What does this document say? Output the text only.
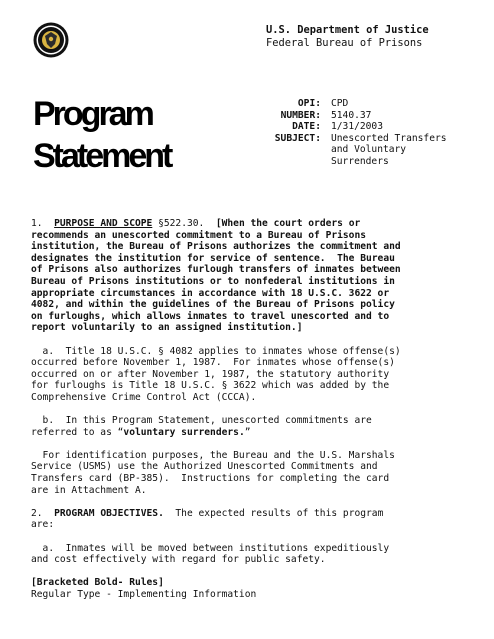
U.S. Department of Justice
Federal Bureau of Prisons
Program
Statement
OPI:
NUMBER:
DATE:
SUBJECT:
CPD
5140.37
1/31/2003
Unescorted Transfers
and Voluntary
Surrenders

1.  PURPOSE AND SCOPE §522.30.  [When the court orders or

recommends an unescorted commitment to a Bureau of Prisons

institution, the Bureau of Prisons authorizes the commitment and

designates the institution for service of sentence.  The Bureau

of Prisons also authorizes furlough transfers of inmates between

Bureau of Prisons institutions or to nonfederal institutions in

appropriate circumstances in accordance with 18 U.S.C. 3622 or

4082, and within the guidelines of the Bureau of Prisons policy

on furloughs, which allows inmates to travel unescorted and to

report voluntarily to an assigned institution.]

a.  Title 18 U.S.C. § 4082 applies to inmates whose offense(s)

occurred before November 1, 1987.  For inmates whose offense(s)

occurred on or after November 1, 1987, the statutory authority

for furloughs is Title 18 U.S.C. § 3622 which was added by the

Comprehensive Crime Control Act (CCCA).

b.  In this Program Statement, unescorted commitments are

referred to as “voluntary surrenders.”

For identification purposes, the Bureau and the U.S. Marshals

Service (USMS) use the Authorized Unescorted Commitments and

Transfers card (BP-385).  Instructions for completing the card

are in Attachment A.

2.  PROGRAM OBJECTIVES.  The expected results of this program

are:

a.  Inmates will be moved between institutions expeditiously

and cost effectively with regard for public safety.

[Bracketed Bold- Rules]

Regular Type - Implementing Information
